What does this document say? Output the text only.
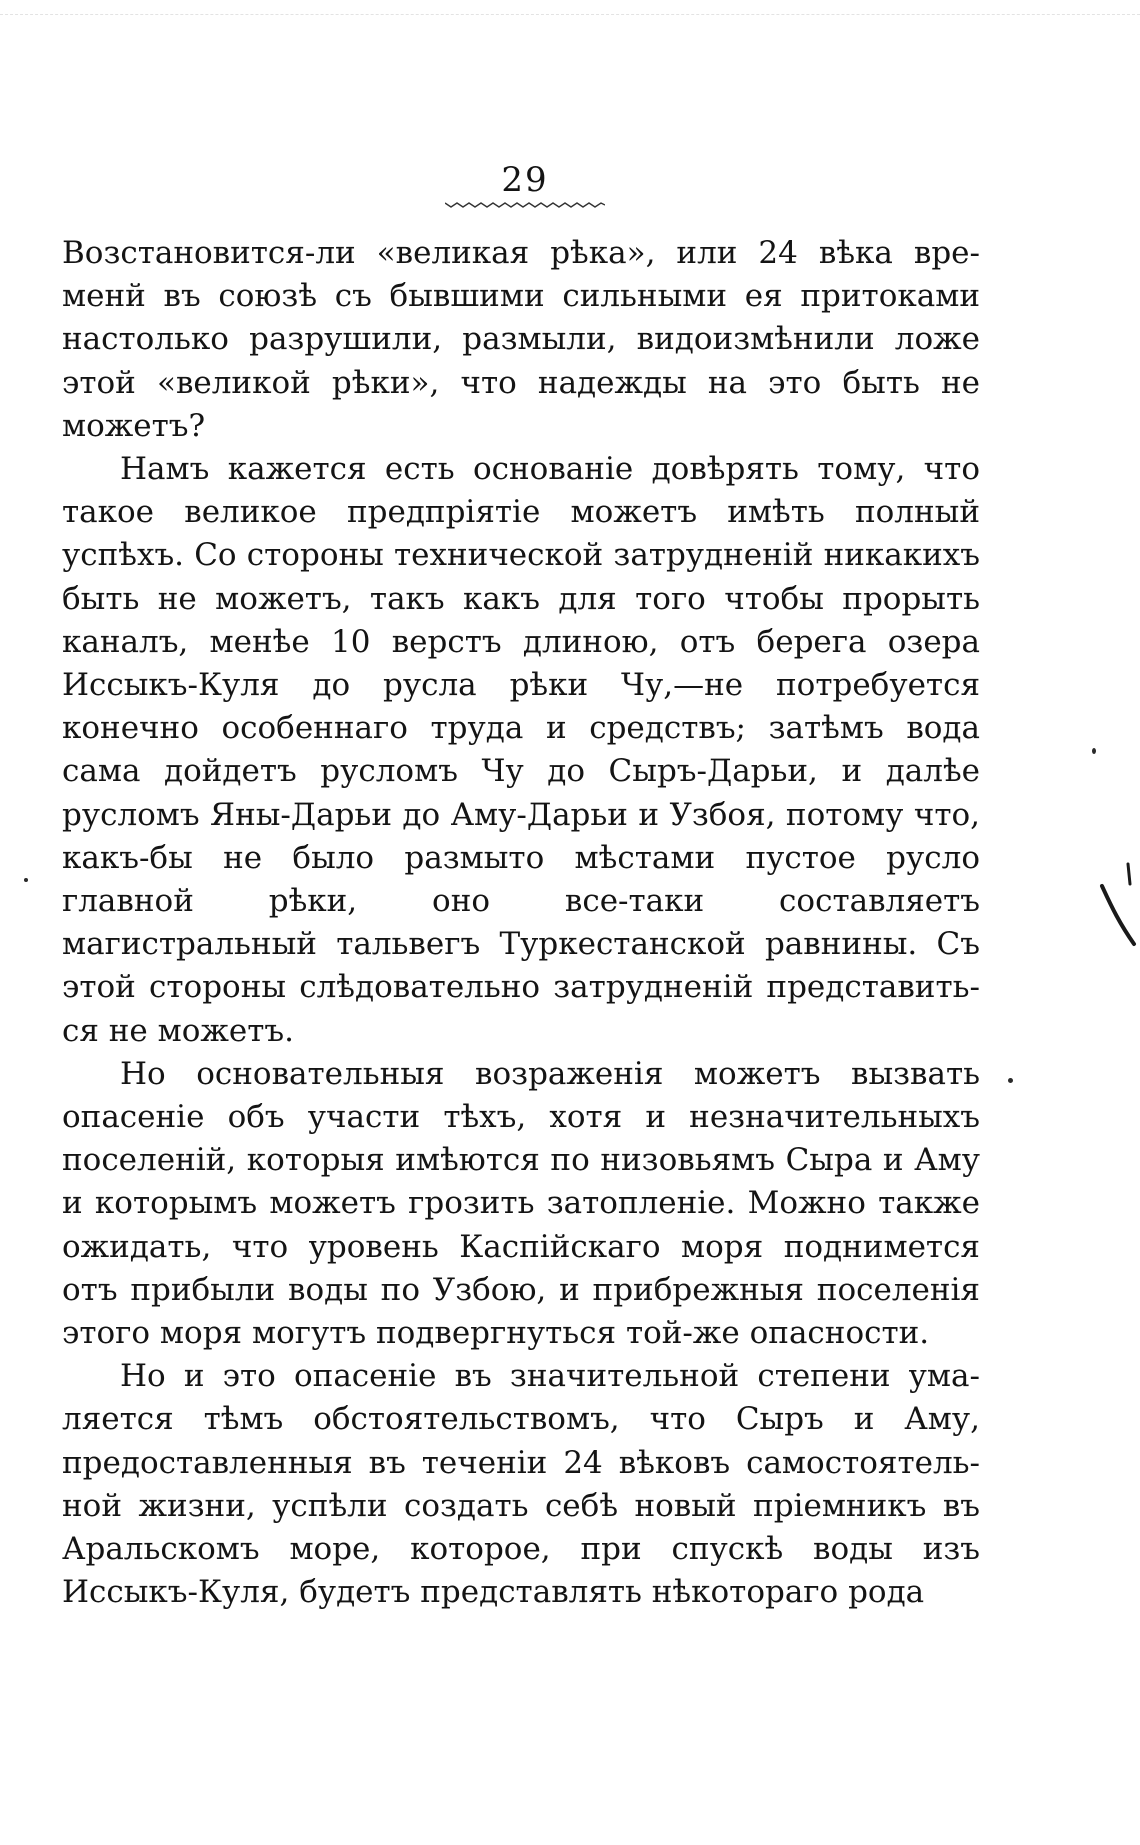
29

Возстановится-ли «великая рѣка», или 24 вѣка временй въ союзѣ съ бывшими сильными ея притоками настолько разрушили, размыли, видоизмѣнили ложе этой «великой рѣки», что надежды на это быть не можетъ?

Намъ кажется есть основаніе довѣрять тому, что такое великое предпріятіе можетъ имѣть полный успѣхъ. Со стороны технической затрудненій никакихъ быть не можетъ, такъ какъ для того чтобы прорыть каналъ, менѣе 10 верстъ длиною, отъ берега озера Иссыкъ-Куля до русла рѣки Чу,—не потребуется конечно особеннаго труда и средствъ; затѣмъ вода сама дойдетъ русломъ Чу до Сыръ-Дарьи, и далѣе русломъ Яны-Дарьи до Аму-Дарьи и Узбоя, потому что, какъ-бы не было размыто мѣстами пустое русло главной рѣки, оно все-таки составляетъ магистральный тальвегъ Туркестанской равнины. Съ этой стороны слѣдовательно затрудненій представиться не можетъ.

Но основательныя возраженія можетъ вызвать опасеніе объ участи тѣхъ, хотя и незначительныхъ поселеній, которыя имѣются по низовьямъ Сыра и Аму и которымъ можетъ грозить затопленіе. Можно также ожидать, что уровень Каспійскаго моря поднимется отъ прибыли воды по Узбою, и прибрежныя поселенія этого моря могутъ подвергнуться той-же опасности.

Но и это опасеніе въ значительной степени умаляется тѣмъ обстоятельствомъ, что Сыръ и Аму, предоставленныя въ теченіи 24 вѣковъ самостоятельной жизни, успѣли создать себѣ новый пріемникъ въ Аральскомъ море, которое, при спускѣ воды изъ Иссыкъ-Куля, будетъ представлять нѣкотораго рода
